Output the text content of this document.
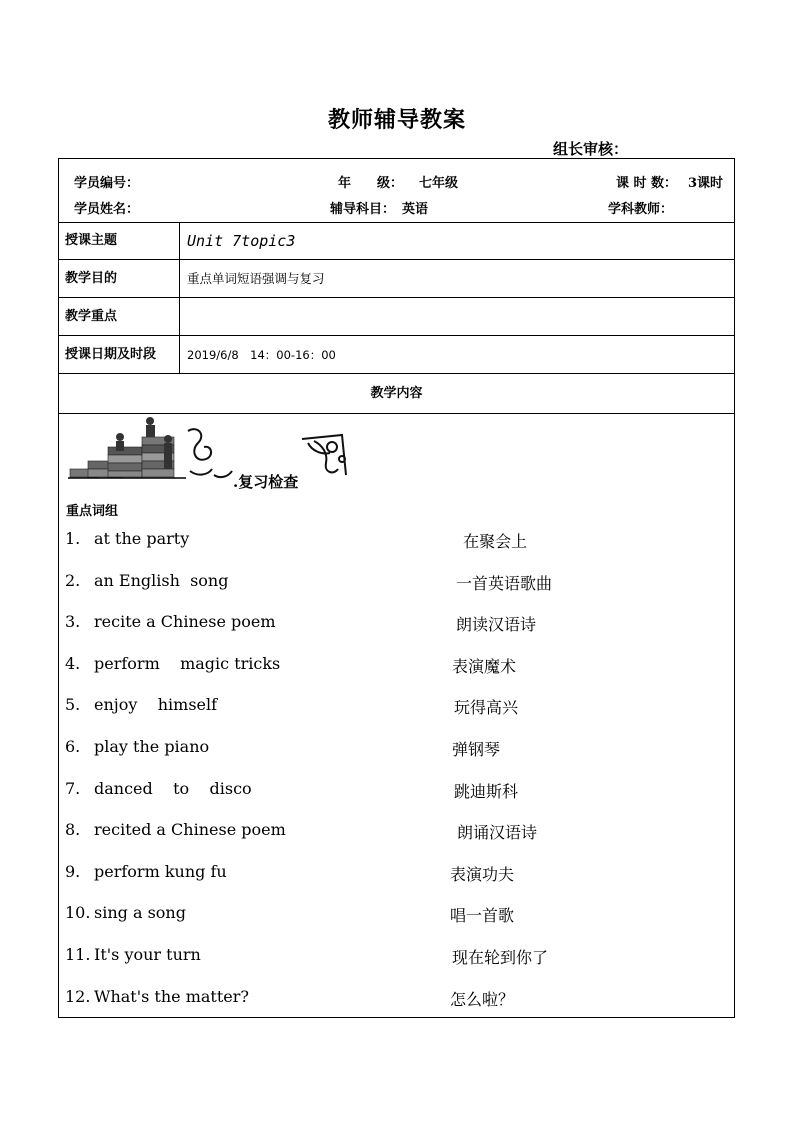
教师辅导教案
组长审核：
学员编号：	年　　级： 七年级	课 时 数： 3课时
学员姓名：	辅导科目： 英语	学科教师：
授课主题	Unit 7topic3
教学目的	重点单词短语强调与复习
教学重点
授课日期及时段	2019/6/8　14：00-16：00
教学内容
.复习检查
重点词组
1. at the party	在聚会上
2. an English  song	一首英语歌曲
3. recite a Chinese poem	朗读汉语诗
4. perform    magic tricks	表演魔术
5. enjoy    himself	玩得高兴
6. play the piano	弹钢琴
7. danced    to    disco	跳迪斯科
8. recited a Chinese poem	朗诵汉语诗
9. perform kung fu	表演功夫
10. sing a song	唱一首歌
11. It's your turn	现在轮到你了
12. What's the matter?	怎么啦？
